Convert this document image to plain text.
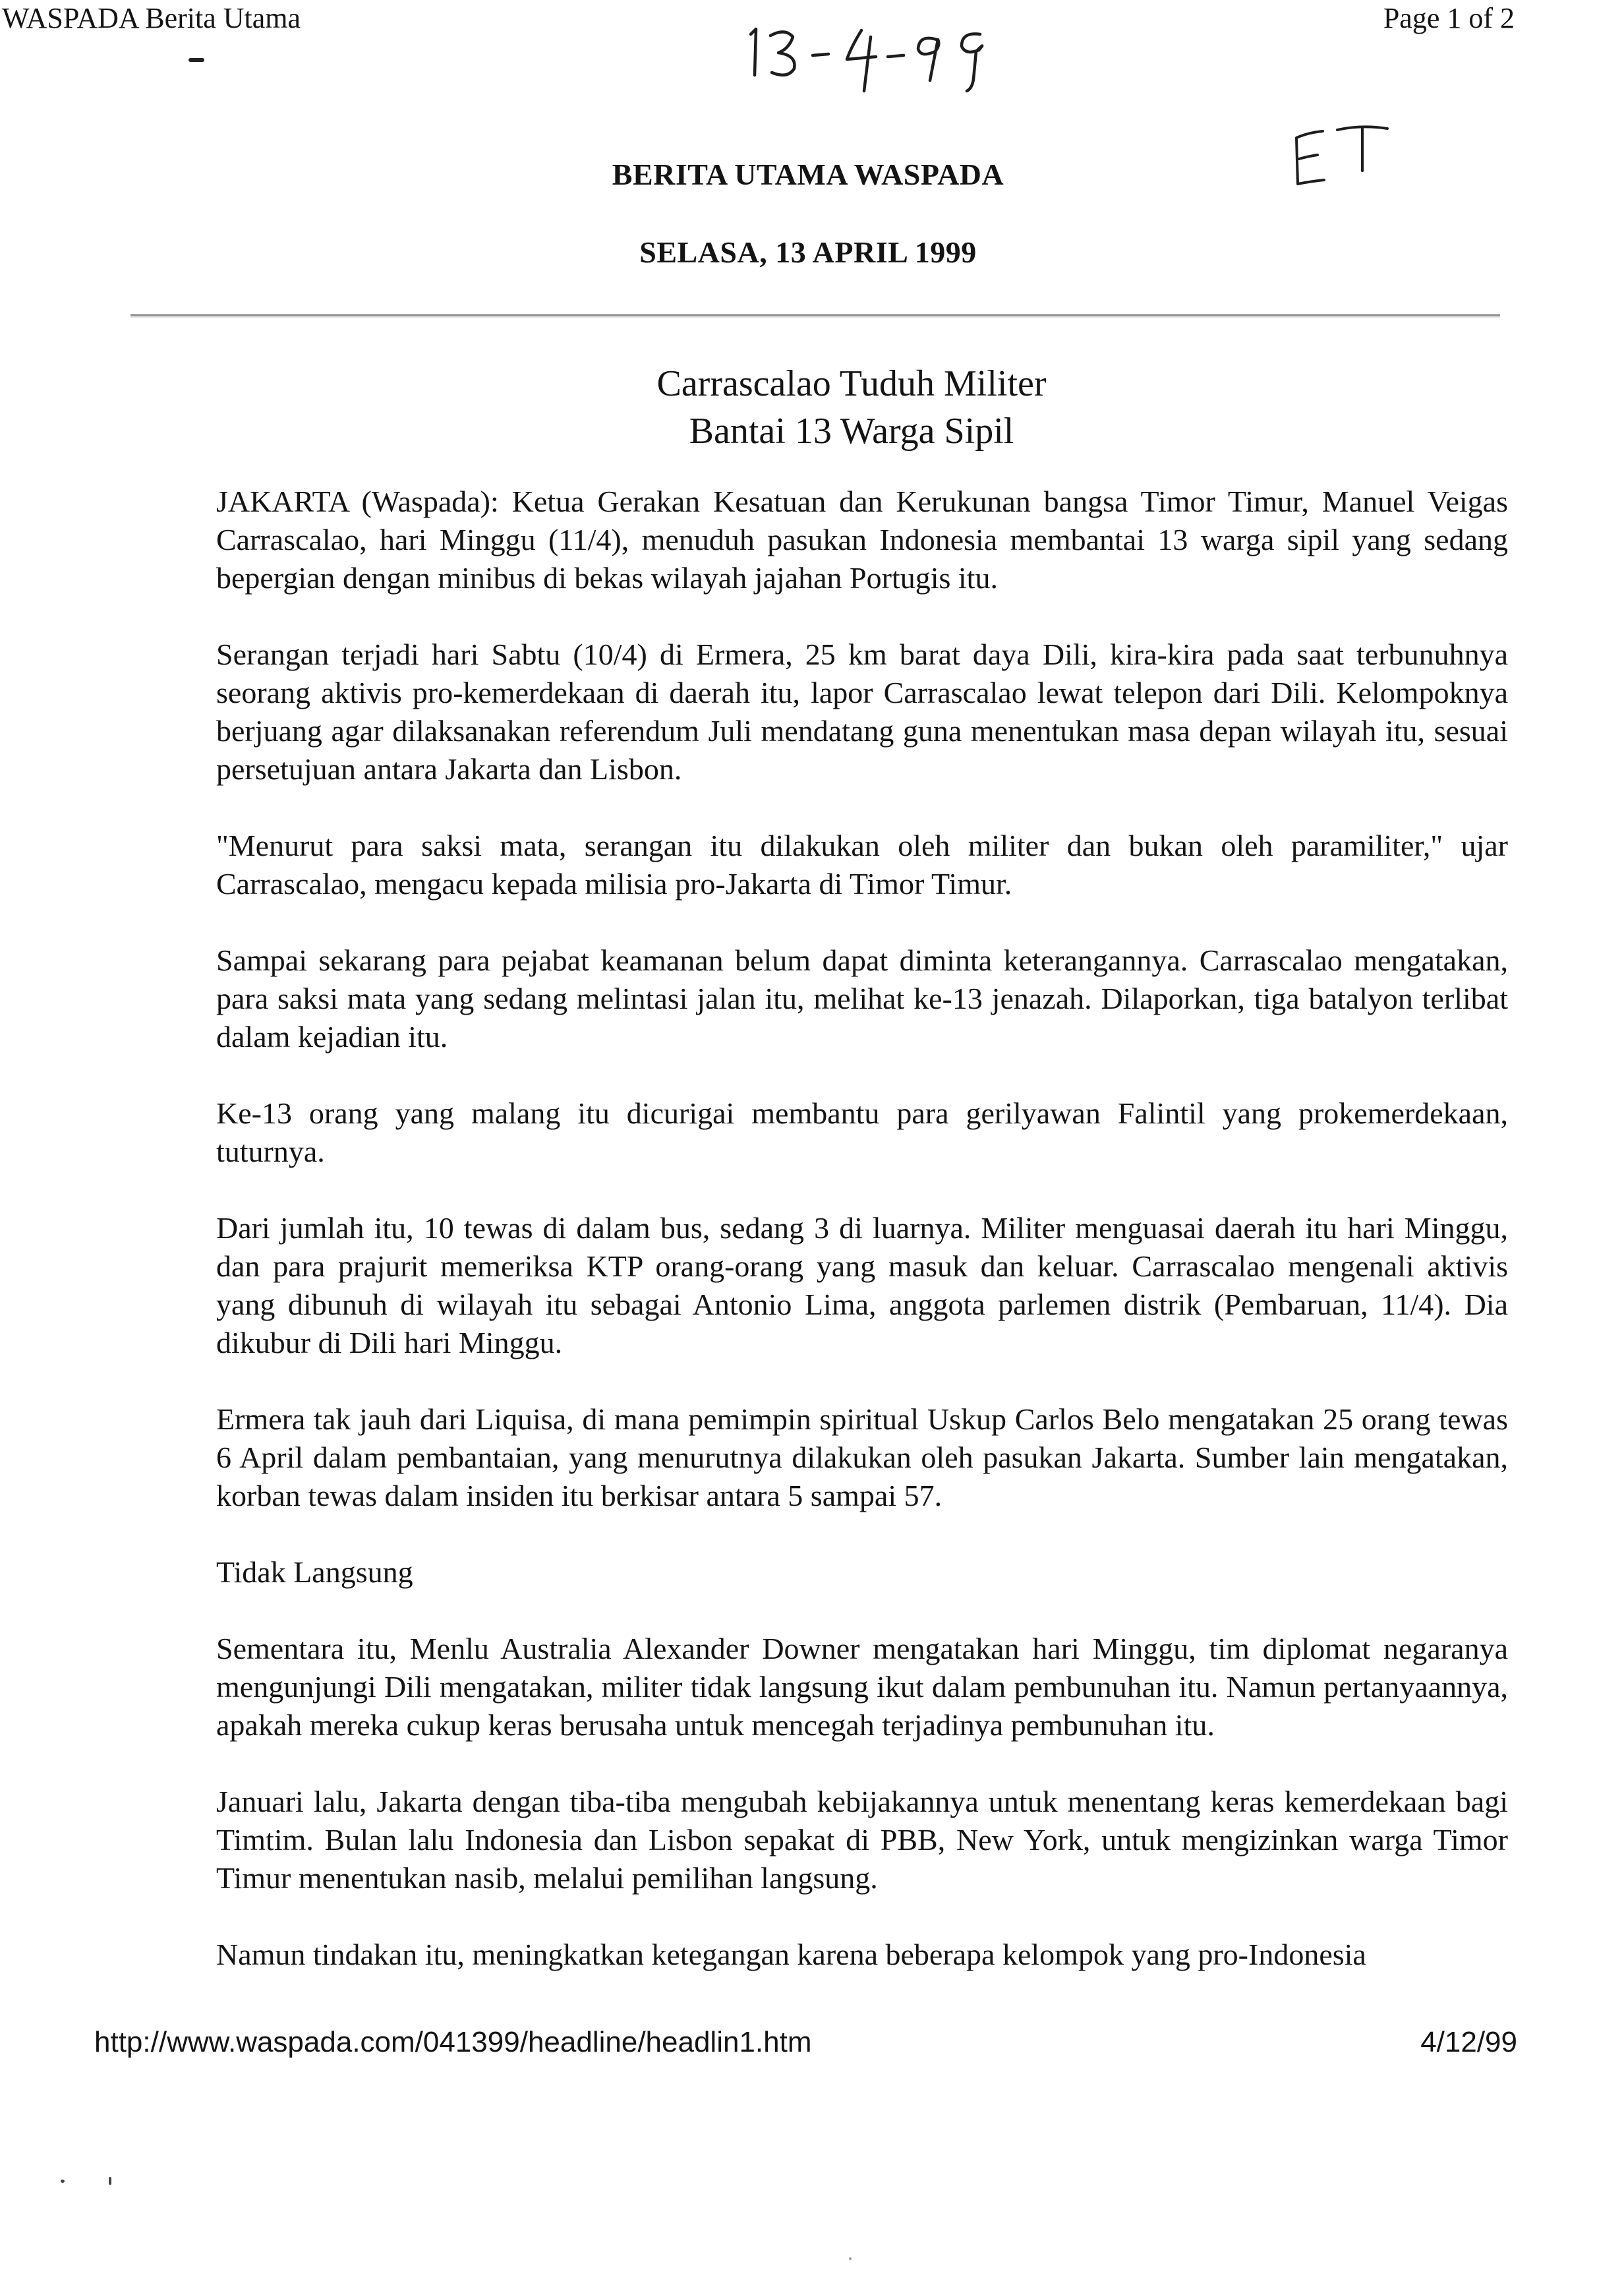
WASPADA Berita Utama	Page 1 of 2
BERITA UTAMA WASPADA
SELASA, 13 APRIL 1999
Carrascalao Tuduh Militer
Bantai 13 Warga Sipil

JAKARTA (Waspada): Ketua Gerakan Kesatuan dan Kerukunan bangsa Timor Timur, Manuel Veigas Carrascalao, hari Minggu (11/4), menuduh pasukan Indonesia membantai 13 warga sipil yang sedang bepergian dengan minibus di bekas wilayah jajahan Portugis itu.

Serangan terjadi hari Sabtu (10/4) di Ermera, 25 km barat daya Dili, kira-kira pada saat terbunuhnya seorang aktivis pro-kemerdekaan di daerah itu, lapor Carrascalao lewat telepon dari Dili. Kelompoknya berjuang agar dilaksanakan referendum Juli mendatang guna menentukan masa depan wilayah itu, sesuai persetujuan antara Jakarta dan Lisbon.

"Menurut para saksi mata, serangan itu dilakukan oleh militer dan bukan oleh paramiliter," ujar Carrascalao, mengacu kepada milisia pro-Jakarta di Timor Timur.

Sampai sekarang para pejabat keamanan belum dapat diminta keterangannya. Carrascalao mengatakan, para saksi mata yang sedang melintasi jalan itu, melihat ke-13 jenazah. Dilaporkan, tiga batalyon terlibat dalam kejadian itu.

Ke-13 orang yang malang itu dicurigai membantu para gerilyawan Falintil yang prokemerdekaan, tuturnya.

Dari jumlah itu, 10 tewas di dalam bus, sedang 3 di luarnya. Militer menguasai daerah itu hari Minggu, dan para prajurit memeriksa KTP orang-orang yang masuk dan keluar. Carrascalao mengenali aktivis yang dibunuh di wilayah itu sebagai Antonio Lima, anggota parlemen distrik (Pembaruan, 11/4). Dia dikubur di Dili hari Minggu.

Ermera tak jauh dari Liquisa, di mana pemimpin spiritual Uskup Carlos Belo mengatakan 25 orang tewas 6 April dalam pembantaian, yang menurutnya dilakukan oleh pasukan Jakarta. Sumber lain mengatakan, korban tewas dalam insiden itu berkisar antara 5 sampai 57.

Tidak Langsung

Sementara itu, Menlu Australia Alexander Downer mengatakan hari Minggu, tim diplomat negaranya mengunjungi Dili mengatakan, militer tidak langsung ikut dalam pembunuhan itu. Namun pertanyaannya, apakah mereka cukup keras berusaha untuk mencegah terjadinya pembunuhan itu.

Januari lalu, Jakarta dengan tiba-tiba mengubah kebijakannya untuk menentang keras kemerdekaan bagi Timtim. Bulan lalu Indonesia dan Lisbon sepakat di PBB, New York, untuk mengizinkan warga Timor Timur menentukan nasib, melalui pemilihan langsung.

Namun tindakan itu, meningkatkan ketegangan karena beberapa kelompok yang pro-Indonesia

http://www.waspada.com/041399/headline/headlin1.htm	4/12/99
